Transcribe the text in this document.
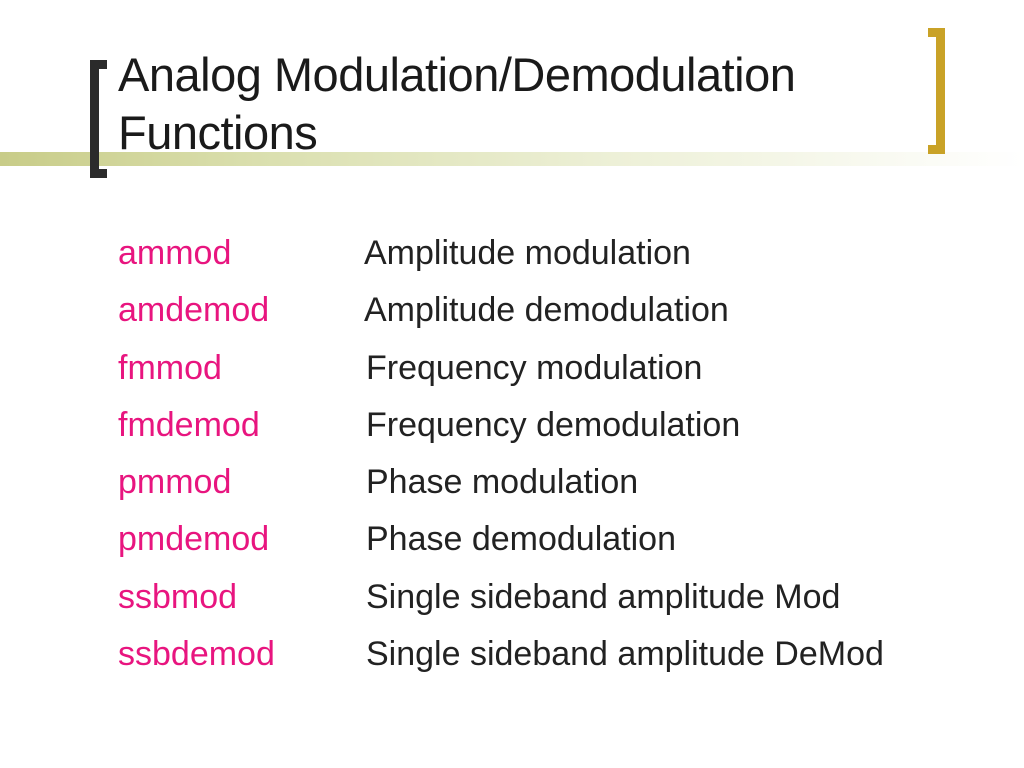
Analog Modulation/Demodulation
Functions
ammod	Amplitude modulation
amdemod	Amplitude demodulation
fmmod	Frequency modulation
fmdemod	Frequency demodulation
pmmod	Phase modulation
pmdemod	Phase demodulation
ssbmod	Single sideband amplitude Mod
ssbdemod	Single sideband amplitude DeMod
